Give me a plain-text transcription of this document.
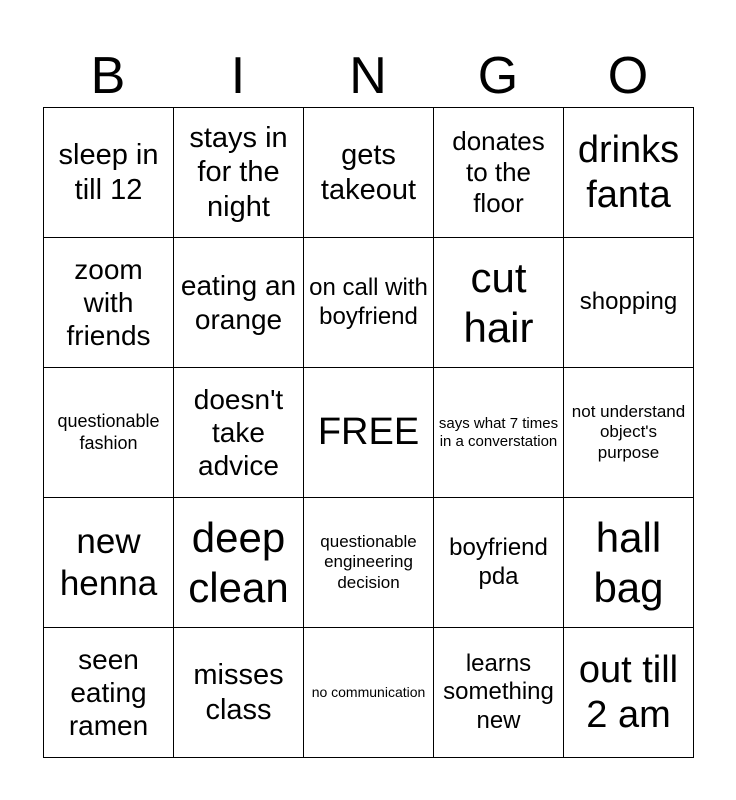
B	I	N	G	O
sleep in till 12	stays in for the night	gets takeout	donates to the floor	drinks fanta
zoom with friends	eating an orange	on call with boyfriend	cut hair	shopping
questionable fashion	doesn't take advice	FREE	says what 7 times in a converstation	not understand object's purpose
new henna	deep clean	questionable engineering decision	boyfriend pda	hall bag
seen eating ramen	misses class	no communication	learns something new	out till 2 am
